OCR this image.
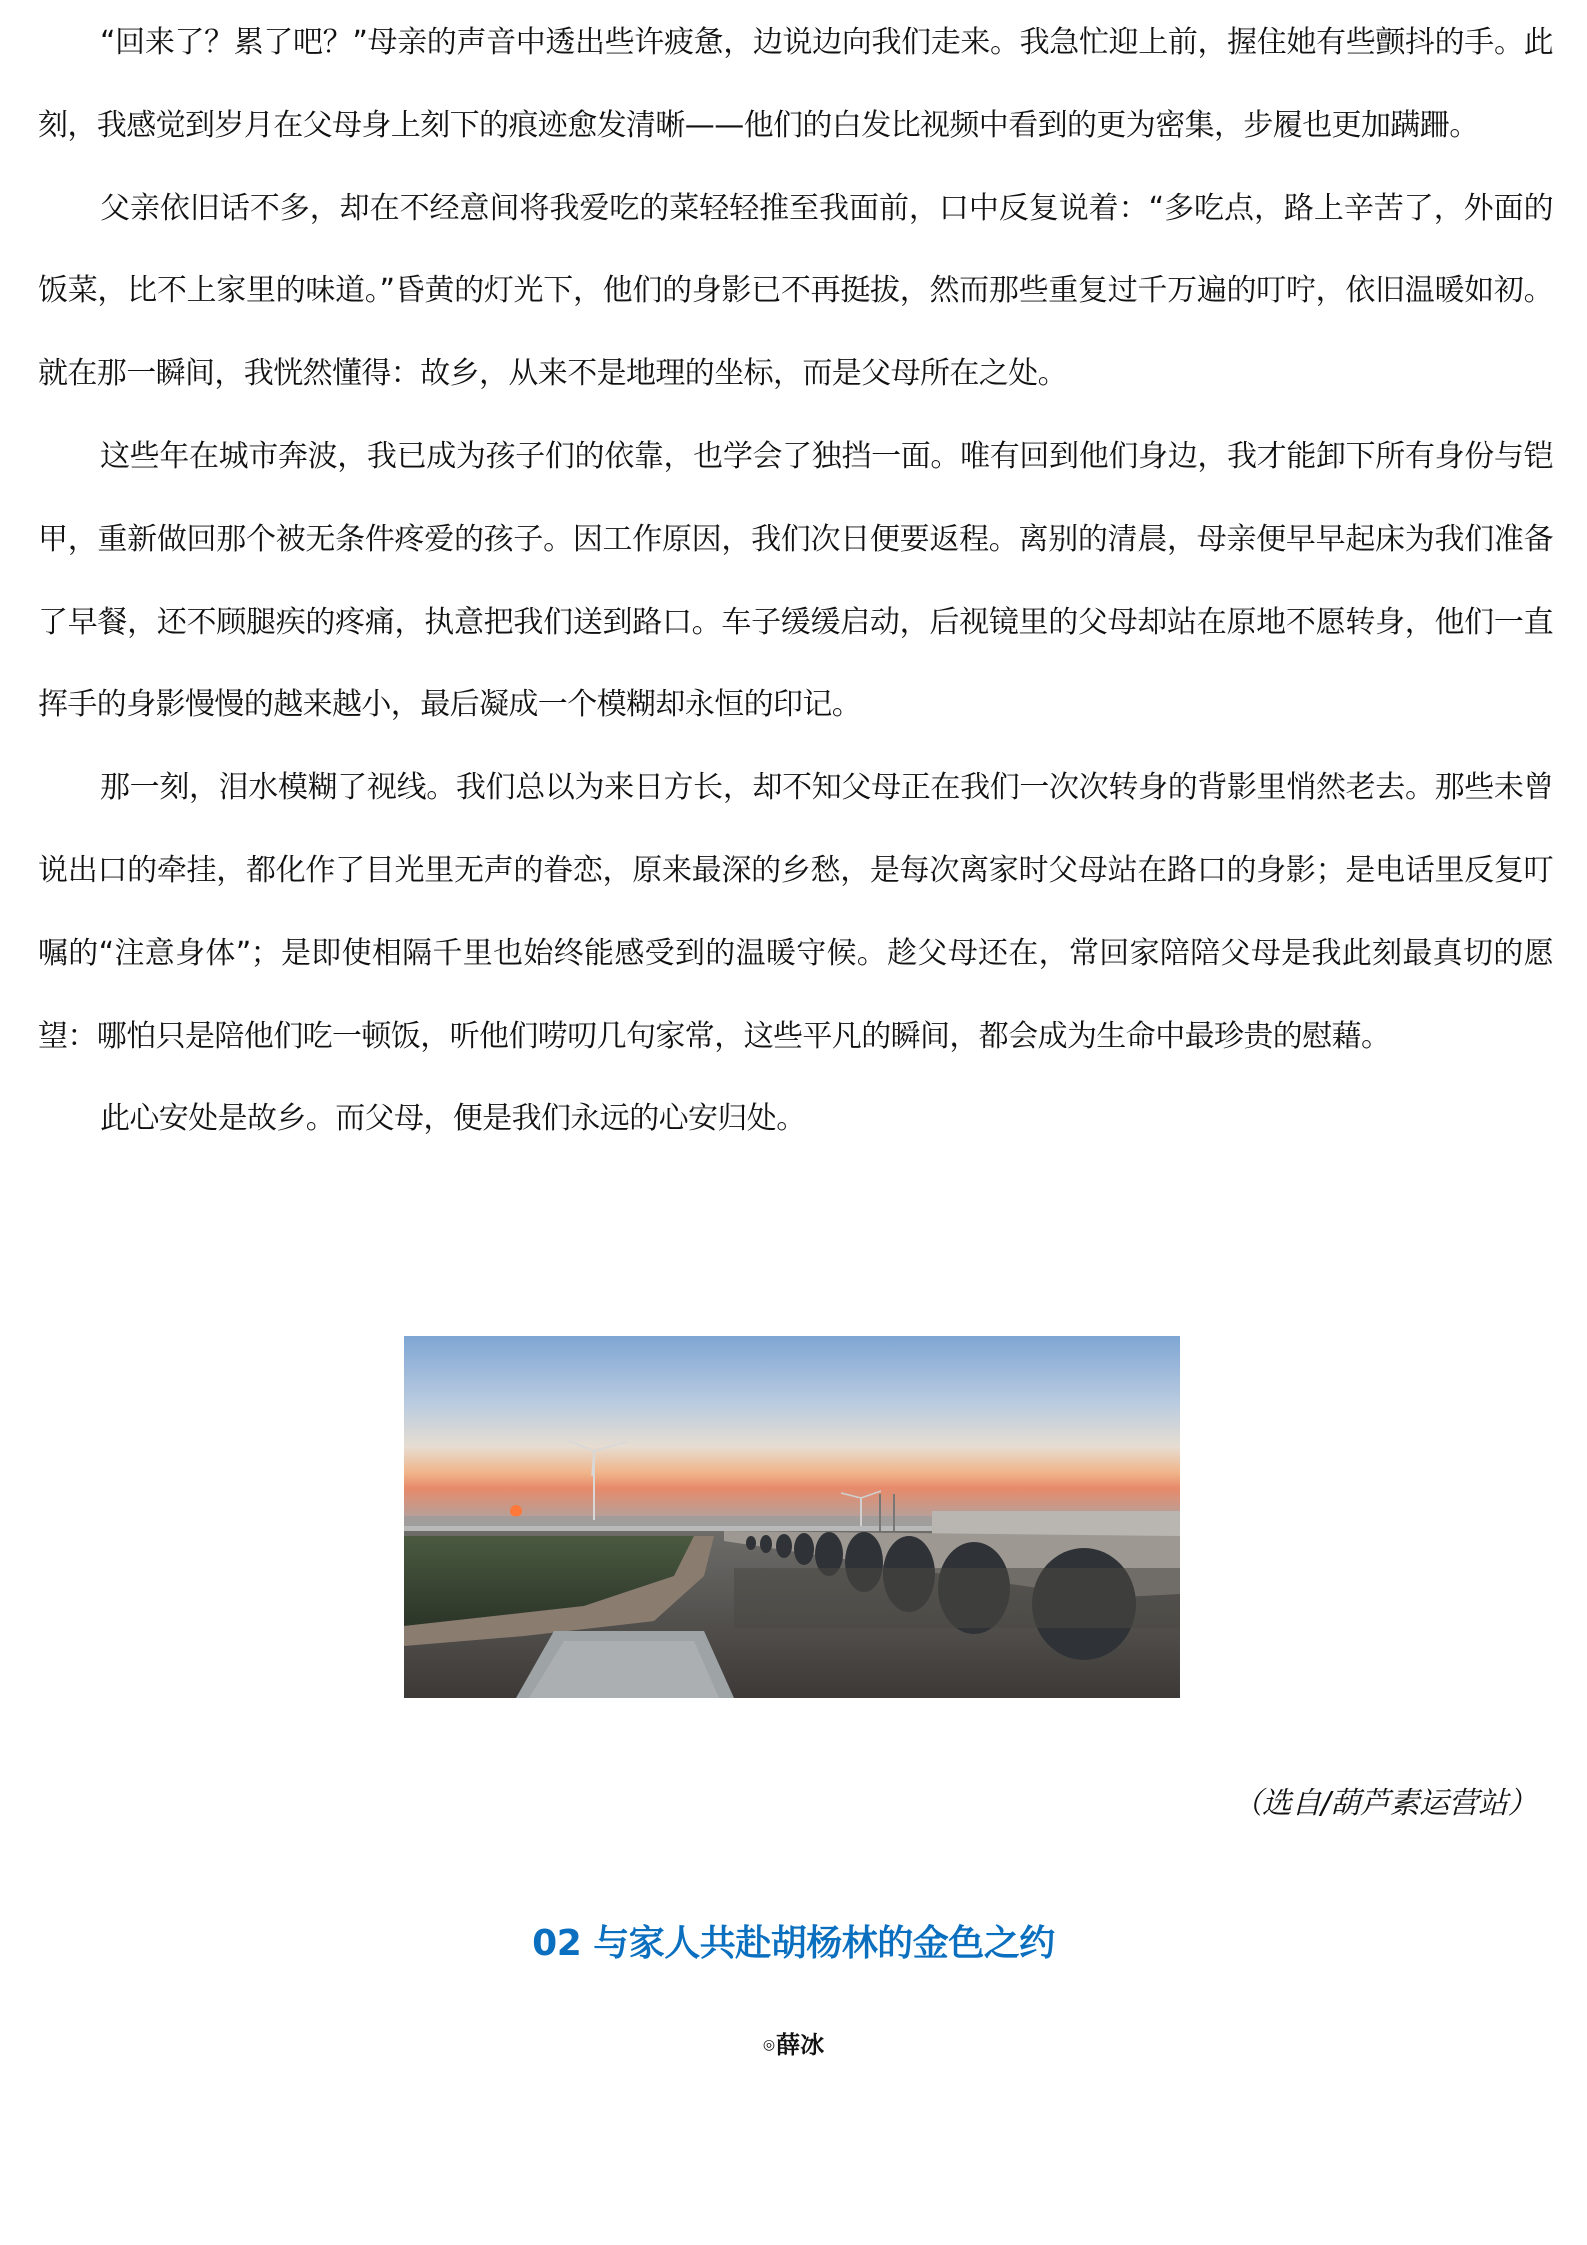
“回来了？累了吧？”母亲的声音中透出些许疲惫，边说边向我们走来。我急忙迎上前，握住她有些颤抖的手。此刻，我感觉到岁月在父母身上刻下的痕迹愈发清晰——他们的白发比视频中看到的更为密集，步履也更加蹒跚。

父亲依旧话不多，却在不经意间将我爱吃的菜轻轻推至我面前，口中反复说着：“多吃点，路上辛苦了，外面的饭菜，比不上家里的味道。”昏黄的灯光下，他们的身影已不再挺拔，然而那些重复过千万遍的叮咛，依旧温暖如初。就在那一瞬间，我恍然懂得：故乡，从来不是地理的坐标，而是父母所在之处。

这些年在城市奔波，我已成为孩子们的依靠，也学会了独挡一面。唯有回到他们身边，我才能卸下所有身份与铠甲，重新做回那个被无条件疼爱的孩子。因工作原因，我们次日便要返程。离别的清晨，母亲便早早起床为我们准备了早餐，还不顾腿疾的疼痛，执意把我们送到路口。车子缓缓启动，后视镜里的父母却站在原地不愿转身，他们一直挥手的身影慢慢的越来越小，最后凝成一个模糊却永恒的印记。

那一刻，泪水模糊了视线。我们总以为来日方长，却不知父母正在我们一次次转身的背影里悄然老去。那些未曾说出口的牵挂，都化作了目光里无声的眷恋，原来最深的乡愁，是每次离家时父母站在路口的身影；是电话里反复叮嘱的“注意身体”；是即使相隔千里也始终能感受到的温暖守候。趁父母还在，常回家陪陪父母是我此刻最真切的愿望：哪怕只是陪他们吃一顿饭，听他们唠叨几句家常，这些平凡的瞬间，都会成为生命中最珍贵的慰藉。

此心安处是故乡。而父母，便是我们永远的心安归处。

（选自/葫芦素运营站）
02 与家人共赴胡杨林的金色之约
◎薛冰
